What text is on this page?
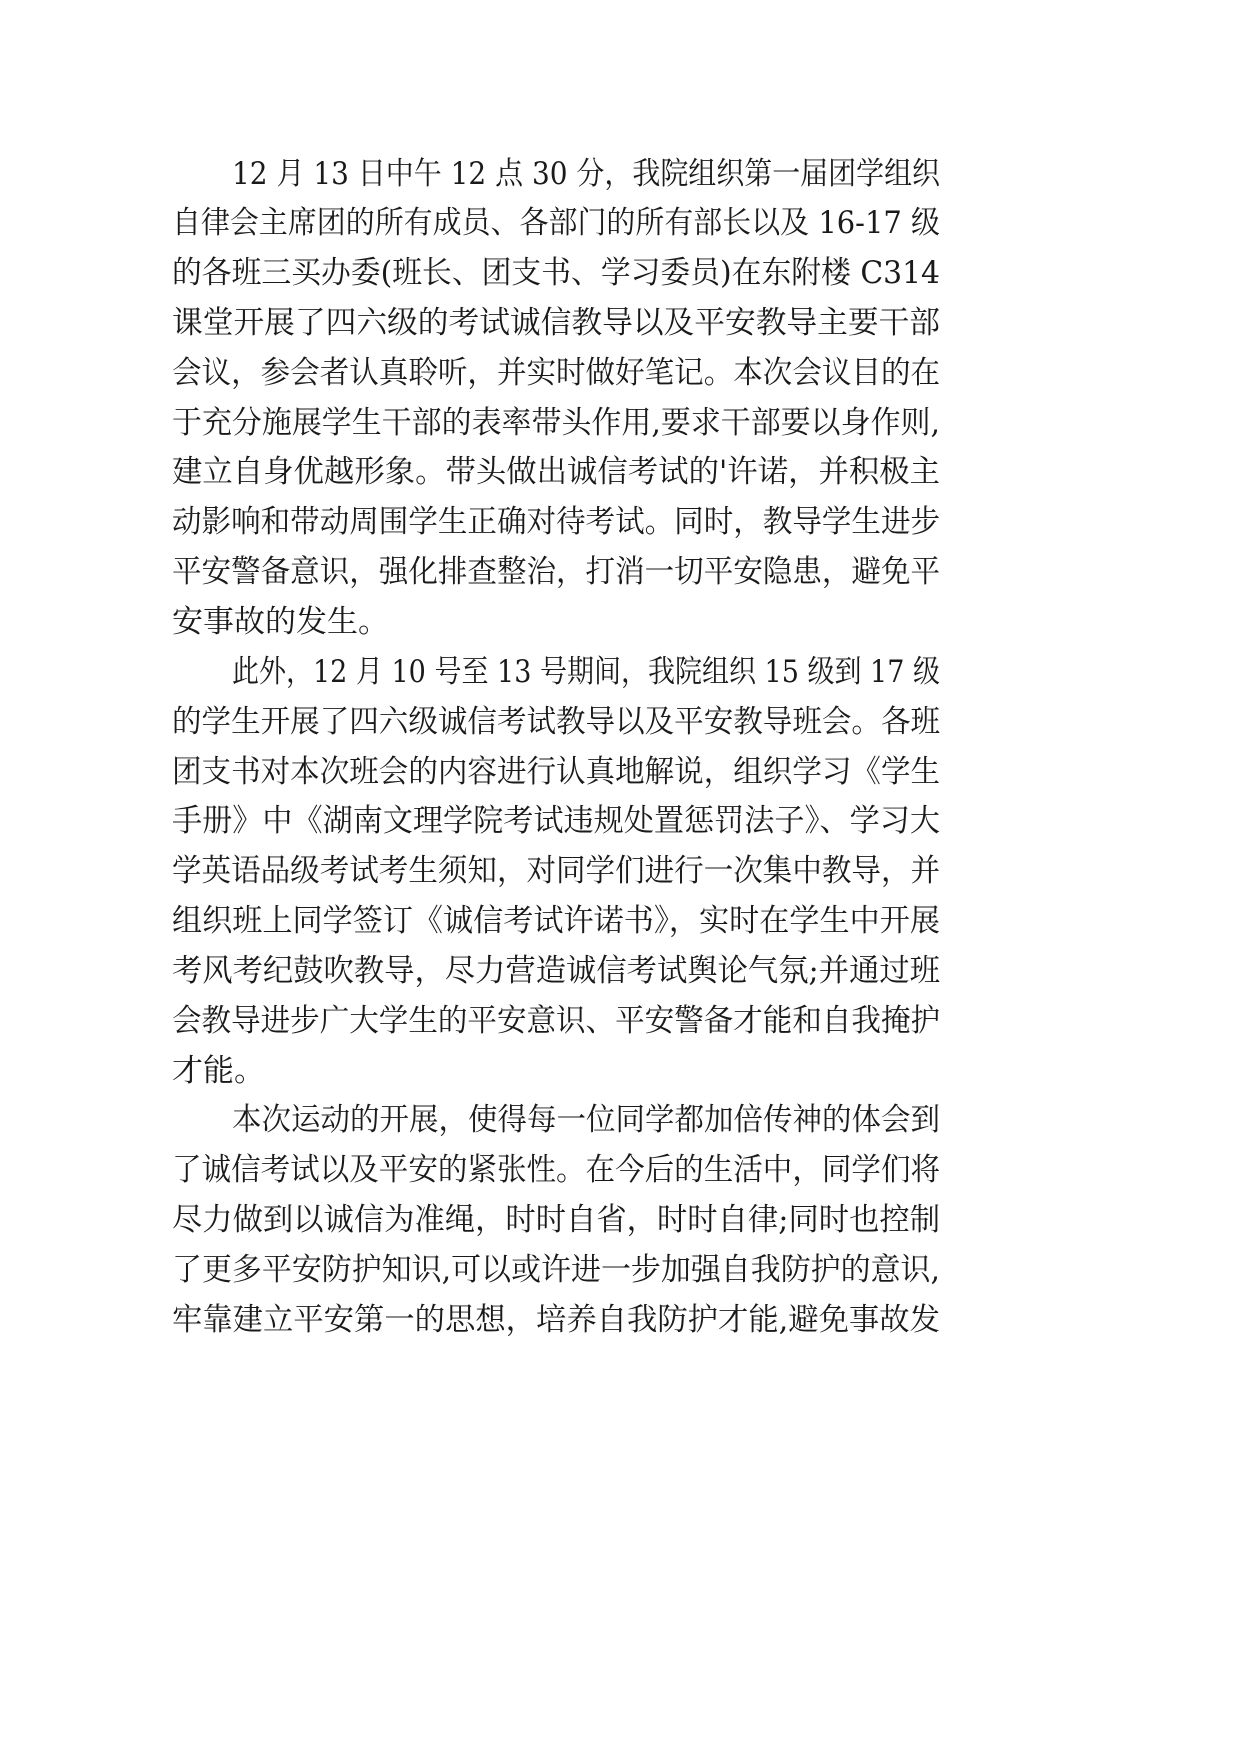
12 月 13 日中午 12 点 30 分，我院组织第一届团学组织
自律会主席团的所有成员、各部门的所有部长以及 16-17 级
的各班三买办委(班长、团支书、学习委员)在东附楼 C314
课堂开展了四六级的考试诚信教导以及平安教导主要干部
会议，参会者认真聆听，并实时做好笔记。本次会议目的在
于充分施展学生干部的表率带头作用,要求干部要以身作则,
建立自身优越形象。带头做出诚信考试的'许诺，并积极主
动影响和带动周围学生正确对待考试。同时，教导学生进步
平安警备意识，强化排查整治，打消一切平安隐患，避免平
安事故的发生。
此外，12 月 10 号至 13 号期间，我院组织 15 级到 17 级
的学生开展了四六级诚信考试教导以及平安教导班会。各班
团支书对本次班会的内容进行认真地解说，组织学习《学生
手册》中《湖南文理学院考试违规处置惩罚法子》、学习大
学英语品级考试考生须知，对同学们进行一次集中教导，并
组织班上同学签订《诚信考试许诺书》，实时在学生中开展
考风考纪鼓吹教导，尽力营造诚信考试舆论气氛;并通过班
会教导进步广大学生的平安意识、平安警备才能和自我掩护
才能。
本次运动的开展，使得每一位同学都加倍传神的体会到
了诚信考试以及平安的紧张性。在今后的生活中，同学们将
尽力做到以诚信为准绳，时时自省，时时自律;同时也控制
了更多平安防护知识,可以或许进一步加强自我防护的意识,
牢靠建立平安第一的思想，培养自我防护才能,避免事故发
